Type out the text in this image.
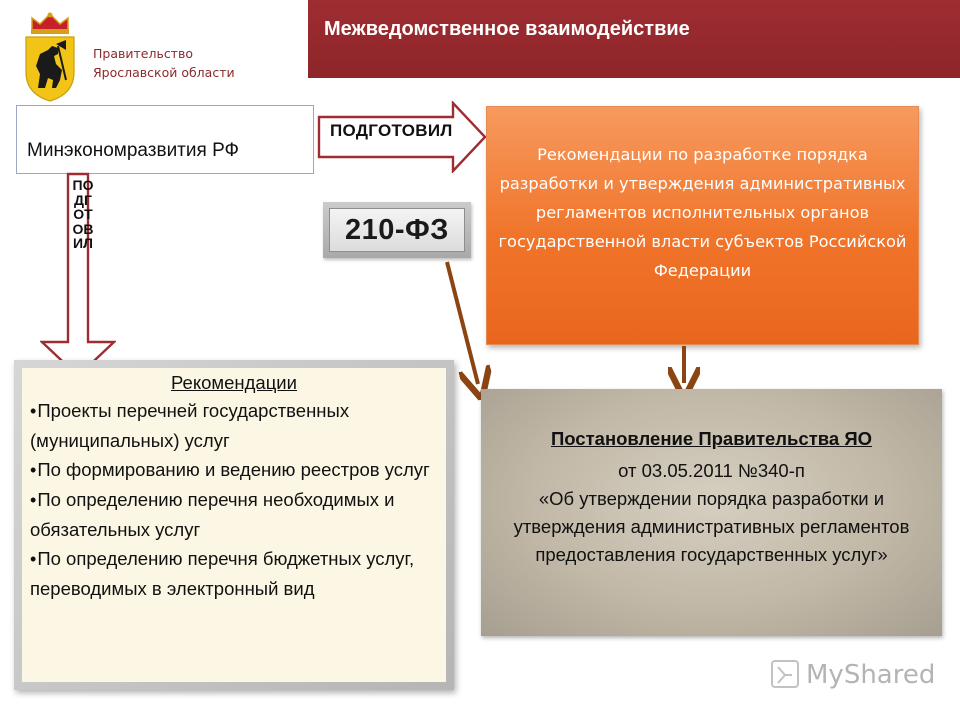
Межведомственное взаимодействие
Правительство
Ярославской области
Минэкономразвития РФ
ПОДГОТОВИЛ
ПОДГОТОВИЛ	210-ФЗ
Рекомендации по разработке порядка разработки и утверждения административных регламентов исполнительных органов государственной власти субъектов Российской Федерации
Рекомендации
•Проекты перечней государственных (муниципальных) услуг
•По формированию и ведению реестров услуг
•По определению перечня необходимых и обязательных услуг
•По определению перечня бюджетных услуг, переводимых в электронный вид
Постановление Правительства ЯО
от 03.05.2011 №340-п
«Об утверждении порядка разработки и утверждения административных регламентов предоставления государственных услуг»
MyShared
